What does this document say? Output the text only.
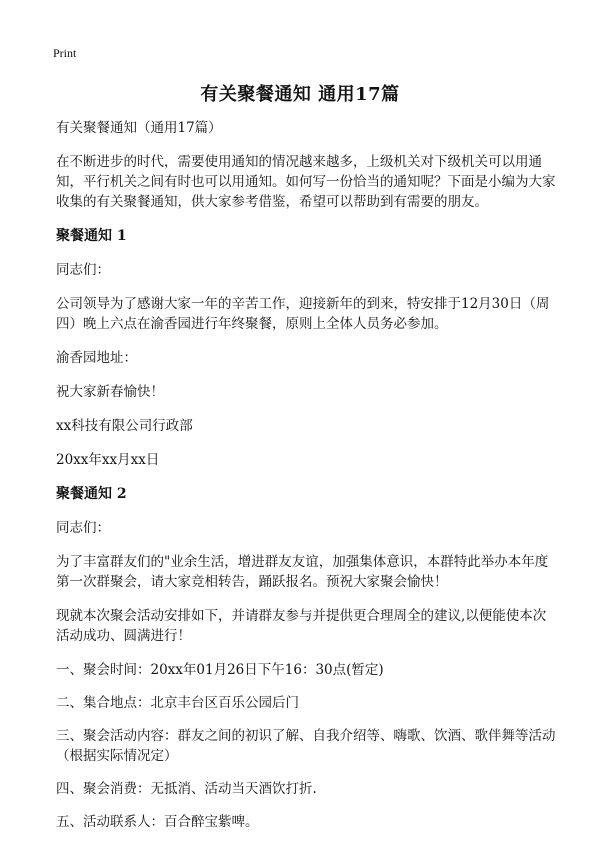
Print
有关聚餐通知 通用17篇

有关聚餐通知（通用17篇）

在不断进步的时代，需要使用通知的情况越来越多，上级机关对下级机关可以用通知，平行机关之间有时也可以用通知。如何写一份恰当的通知呢？下面是小编为大家收集的有关聚餐通知，供大家参考借鉴，希望可以帮助到有需要的朋友。

聚餐通知 1

同志们：

公司领导为了感谢大家一年的辛苦工作，迎接新年的到来，特安排于12月30日（周四）晚上六点在渝香园进行年终聚餐，原则上全体人员务必参加。

渝香园地址：

祝大家新春愉快！

xx科技有限公司行政部

20xx年xx月xx日

聚餐通知 2

同志们：

为了丰富群友们的"业余生活，增进群友友谊，加强集体意识，本群特此举办本年度第一次群聚会，请大家竞相转告，踊跃报名。预祝大家聚会愉快！

现就本次聚会活动安排如下，并请群友参与并提供更合理周全的建议,以便能使本次活动成功、圆满进行！

一、聚会时间：20xx年01月26日下午16：30点(暂定)

二、集合地点：北京丰台区百乐公园后门

三、聚会活动内容：群友之间的初识了解、自我介绍等、嗨歌、饮酒、歌伴舞等活动（根据实际情况定）

四、聚会消费：无抵消、活动当天酒饮打折.

五、活动联系人：百合醉宝紫啤。
